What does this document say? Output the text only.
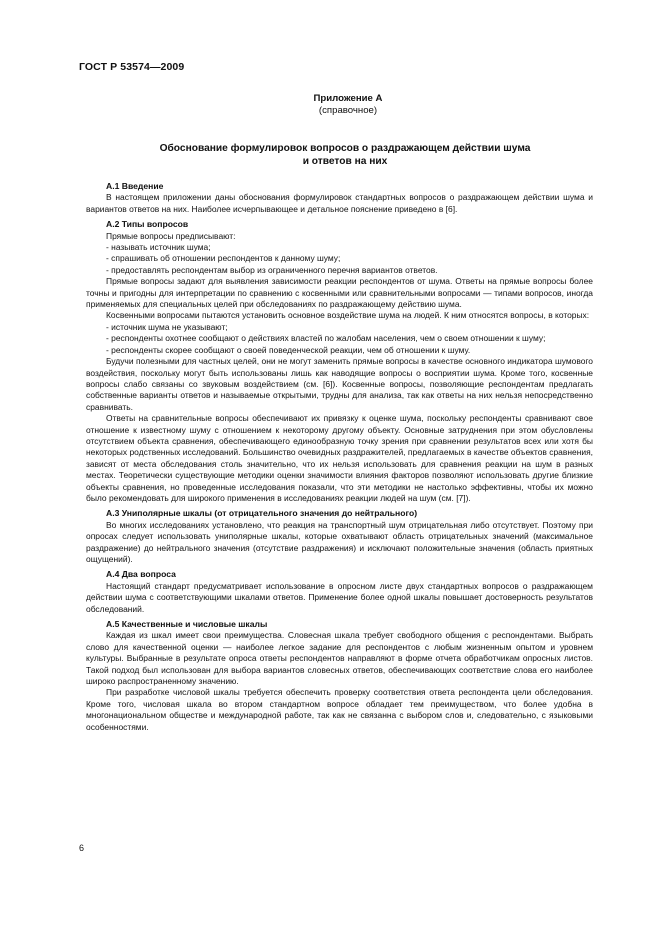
ГОСТ Р 53574—2009
Приложение А
(справочное)
Обоснование формулировок вопросов о раздражающем действии шума
и ответов на них
А.1 Введение

В настоящем приложении даны обоснования формулировок стандартных вопросов о раздражающем действии шума и вариантов ответов на них. Наиболее исчерпывающее и детальное пояснение приведено в [6].

А.2 Типы вопросов

Прямые вопросы предписывают:

- называть источник шума;

- спрашивать об отношении респондентов к данному шуму;

- предоставлять респондентам выбор из ограниченного перечня вариантов ответов.

Прямые вопросы задают для выявления зависимости реакции респондентов от шума. Ответы на прямые вопросы более точны и пригодны для интерпретации по сравнению с косвенными или сравнительными вопросами — типами вопросов, иногда применяемых для специальных целей при обследованиях по раздражающему действию шума.

Косвенными вопросами пытаются установить основное воздействие шума на людей. К ним относятся вопросы, в которых:

- источник шума не указывают;

- респонденты охотнее сообщают о действиях властей по жалобам населения, чем о своем отношении к шуму;

- респонденты скорее сообщают о своей поведенческой реакции, чем об отношении к шуму.

Будучи полезными для частных целей, они не могут заменить прямые вопросы в качестве основного индикатора шумового воздействия, поскольку могут быть использованы лишь как наводящие вопросы о восприятии шума. Кроме того, косвенные вопросы слабо связаны со звуковым воздействием (см. [6]). Косвенные вопросы, позволяющие респондентам предлагать собственные варианты ответов и называемые открытыми, трудны для анализа, так как ответы на них нельзя непосредственно сравнивать.

Ответы на сравнительные вопросы обеспечивают их привязку к оценке шума, поскольку респонденты сравнивают свое отношение к известному шуму с отношением к некоторому другому объекту. Основные затруднения при этом обусловлены отсутствием объекта сравнения, обеспечивающего единообразную точку зрения при сравнении результатов всех или хотя бы некоторых родственных исследований. Большинство очевидных раздражителей, предлагаемых в качестве объектов сравнения, зависят от места обследования столь значительно, что их нельзя использовать для сравнения реакции на шум в разных местах. Теоретически существующие методики оценки значимости влияния факторов позволяют использовать другие близкие объекты сравнения, но проведенные исследования показали, что эти методики не настолько эффективны, чтобы их можно было рекомендовать для широкого применения в исследованиях реакции людей на шум (см. [7]).

А.3 Униполярные шкалы (от отрицательного значения до нейтрального)

Во многих исследованиях установлено, что реакция на транспортный шум отрицательная либо отсутствует. Поэтому при опросах следует использовать униполярные шкалы, которые охватывают область отрицательных значений (максимальное раздражение) до нейтрального значения (отсутствие раздражения) и исключают положительные значения (область приятных ощущений).

А.4 Два вопроса

Настоящий стандарт предусматривает использование в опросном листе двух стандартных вопросов о раздражающем действии шума с соответствующими шкалами ответов. Применение более одной шкалы повышает достоверность результатов обследований.

А.5 Качественные и числовые шкалы

Каждая из шкал имеет свои преимущества. Словесная шкала требует свободного общения с респондентами. Выбрать слово для качественной оценки — наиболее легкое задание для респондентов с любым жизненным опытом и уровнем культуры. Выбранные в результате опроса ответы респондентов направляют в форме отчета обработчикам опросных листов. Такой подход был использован для выбора вариантов словесных ответов, обеспечивающих соответствие слова его наиболее широко распространенному значению.

При разработке числовой шкалы требуется обеспечить проверку соответствия ответа респондента цели обследования. Кроме того, числовая шкала во втором стандартном вопросе обладает тем преимуществом, что более удобна в многонациональном обществе и международной работе, так как не связанна с выбором слов и, следовательно, с языковыми особенностями.

6
